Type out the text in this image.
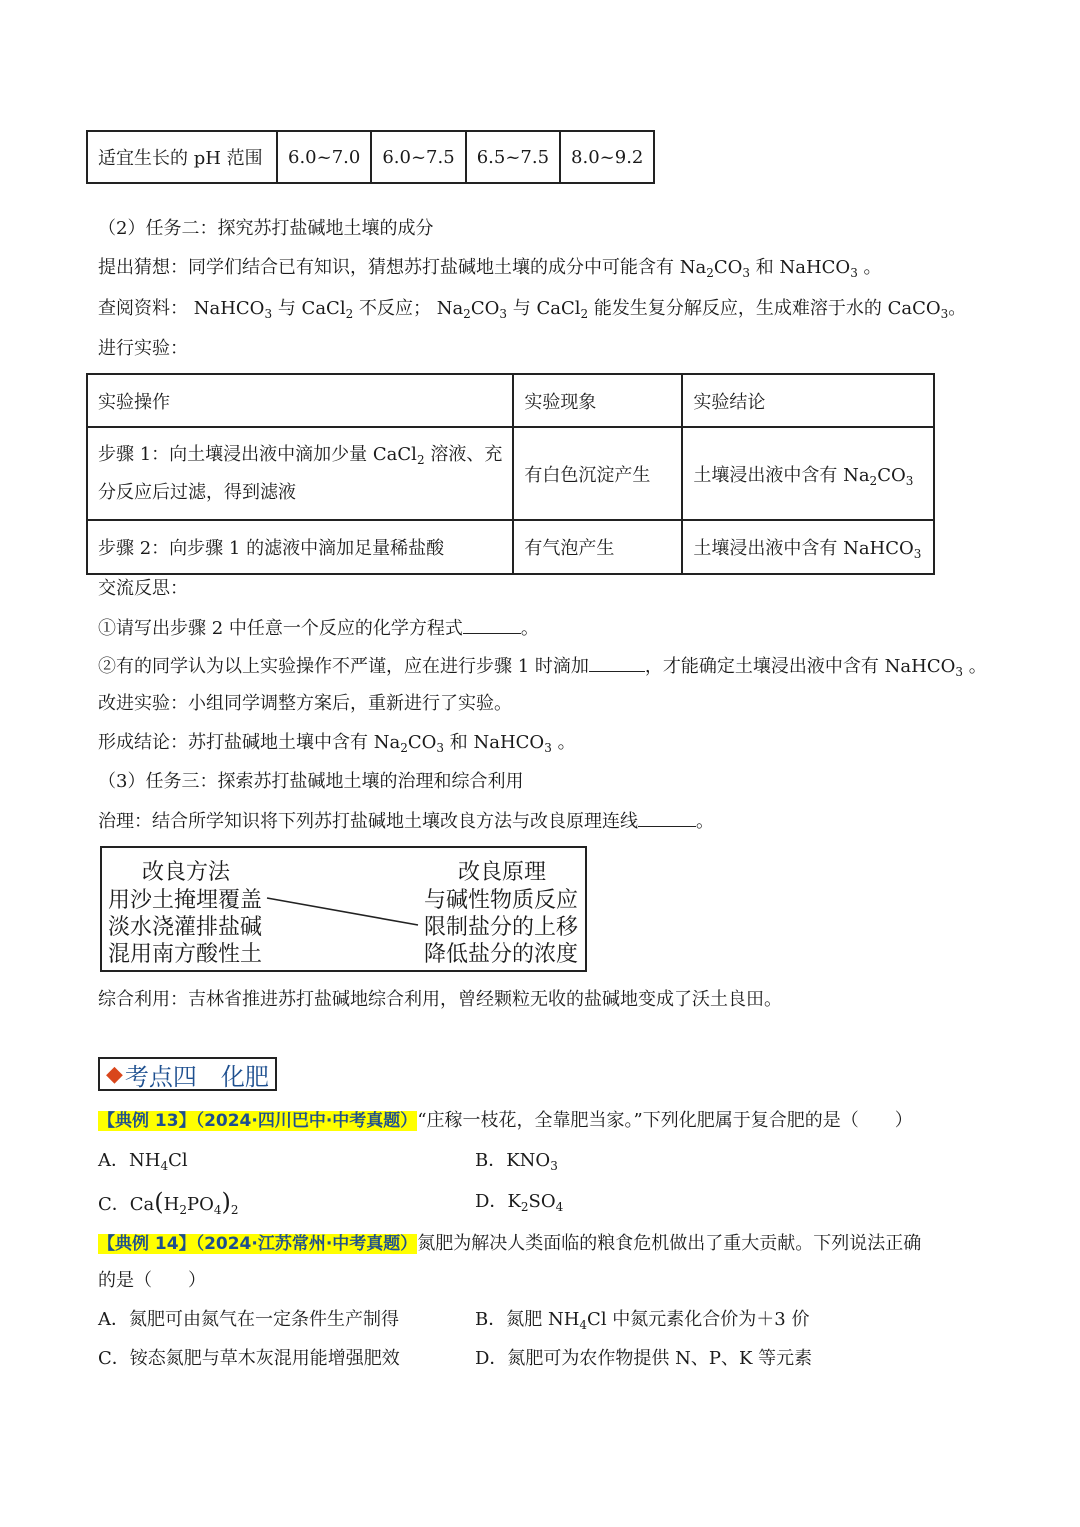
适宜生长的 pH 范围	6.0~7.0	6.0~7.5	6.5~7.5	8.0~9.2
（2）任务二：探究苏打盐碱地土壤的成分
提出猜想：同学们结合已有知识，猜想苏打盐碱地土壤的成分中可能含有 $Na_2CO_3$ 和 NaHCO$_3$ 。
查阅资料： NaHCO$_3$ 与 CaCl$_2$ 不反应； $Na_2CO_3$ 与 CaCl$_2$ 能发生复分解反应，生成难溶于水的 CaCO$_3$。
进行实验：
实验操作	实验现象	实验结论
步骤 1：向土壤浸出液中滴加少量 CaCl$_2$ 溶液、充
分反应后过滤，得到滤液	有白色沉淀产生	土壤浸出液中含有 $Na_2CO_3$
步骤 2：向步骤 1 的滤液中滴加足量稀盐酸	有气泡产生	土壤浸出液中含有 NaHCO$_3$
交流反思：
①请写出步骤 2 中任意一个反应的化学方程式	。
②有的同学认为以上实验操作不严谨，应在进行步骤 1 时滴加	，才能确定土壤浸出液中含有 NaHCO$_3$ 。
改进实验：小组同学调整方案后，重新进行了实验。
形成结论：苏打盐碱地土壤中含有 $Na_2CO_3$ 和 NaHCO$_3$ 。
（3）任务三：探索苏打盐碱地土壤的治理和综合利用
治理：结合所学知识将下列苏打盐碱地土壤改良方法与改良原理连线	。
改良方法	改良原理
用沙土掩埋覆盖
淡水浇灌排盐碱
混用南方酸性土
与碱性物质反应
限制盐分的上移
降低盐分的浓度
综合利用：吉林省推进苏打盐碱地综合利用，曾经颗粒无收的盐碱地变成了沃土良田。
◆ 考点四　化肥
【典例 13】（2024·四川巴中·中考真题）“庄稼一枝花，全靠肥当家。”下列化肥属于复合肥的是（　　）
A．$NH_4Cl$	B．$KNO_3$
C．$Ca(H_2PO_4)_2$	D．$K_2SO_4$
【典例 14】（2024·江苏常州·中考真题）氮肥为解决人类面临的粮食危机做出了重大贡献。下列说法正确
的是（　　）
A．氮肥可由氮气在一定条件生产制得	B．氮肥 $NH_4Cl$ 中氮元素化合价为＋3 价
C．铵态氮肥与草木灰混用能增强肥效	D．氮肥可为农作物提供 N、P、K 等元素
